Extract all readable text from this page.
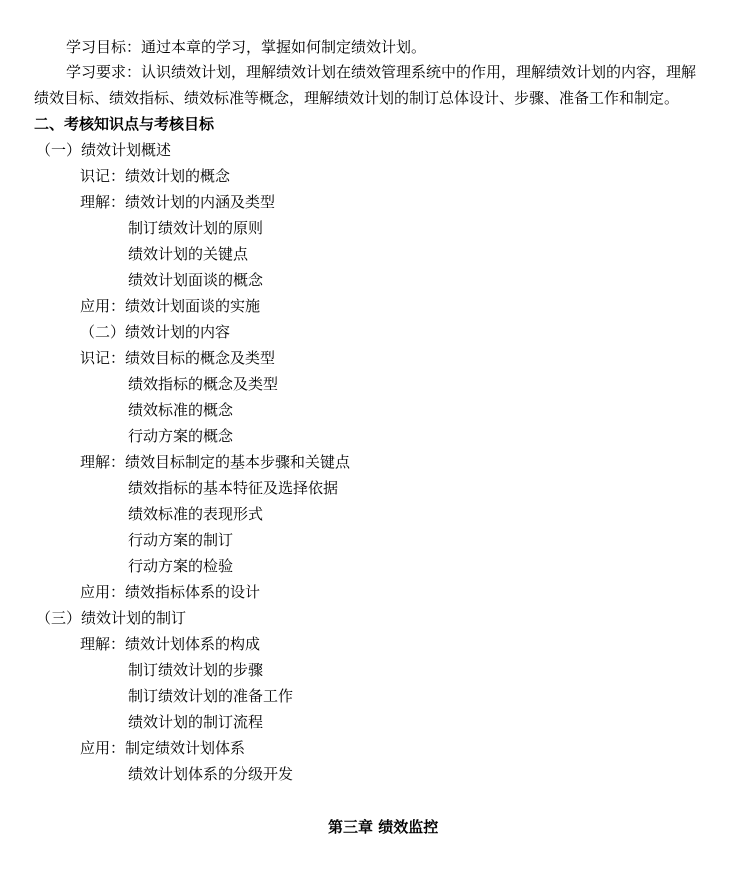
学习目标：通过本章的学习，掌握如何制定绩效计划。
学习要求：认识绩效计划，理解绩效计划在绩效管理系统中的作用，理解绩效计划的内容，理解
绩效目标、绩效指标、绩效标准等概念，理解绩效计划的制订总体设计、步骤、准备工作和制定。
二、考核知识点与考核目标
（一）绩效计划概述
识记：绩效计划的概念
理解：绩效计划的内涵及类型
制订绩效计划的原则
绩效计划的关键点
绩效计划面谈的概念
应用：绩效计划面谈的实施
（二）绩效计划的内容
识记：绩效目标的概念及类型
绩效指标的概念及类型
绩效标准的概念
行动方案的概念
理解：绩效目标制定的基本步骤和关键点
绩效指标的基本特征及选择依据
绩效标准的表现形式
行动方案的制订
行动方案的检验
应用：绩效指标体系的设计
（三）绩效计划的制订
理解：绩效计划体系的构成
制订绩效计划的步骤
制订绩效计划的准备工作
绩效计划的制订流程
应用：制定绩效计划体系
绩效计划体系的分级开发
第三章 绩效监控
